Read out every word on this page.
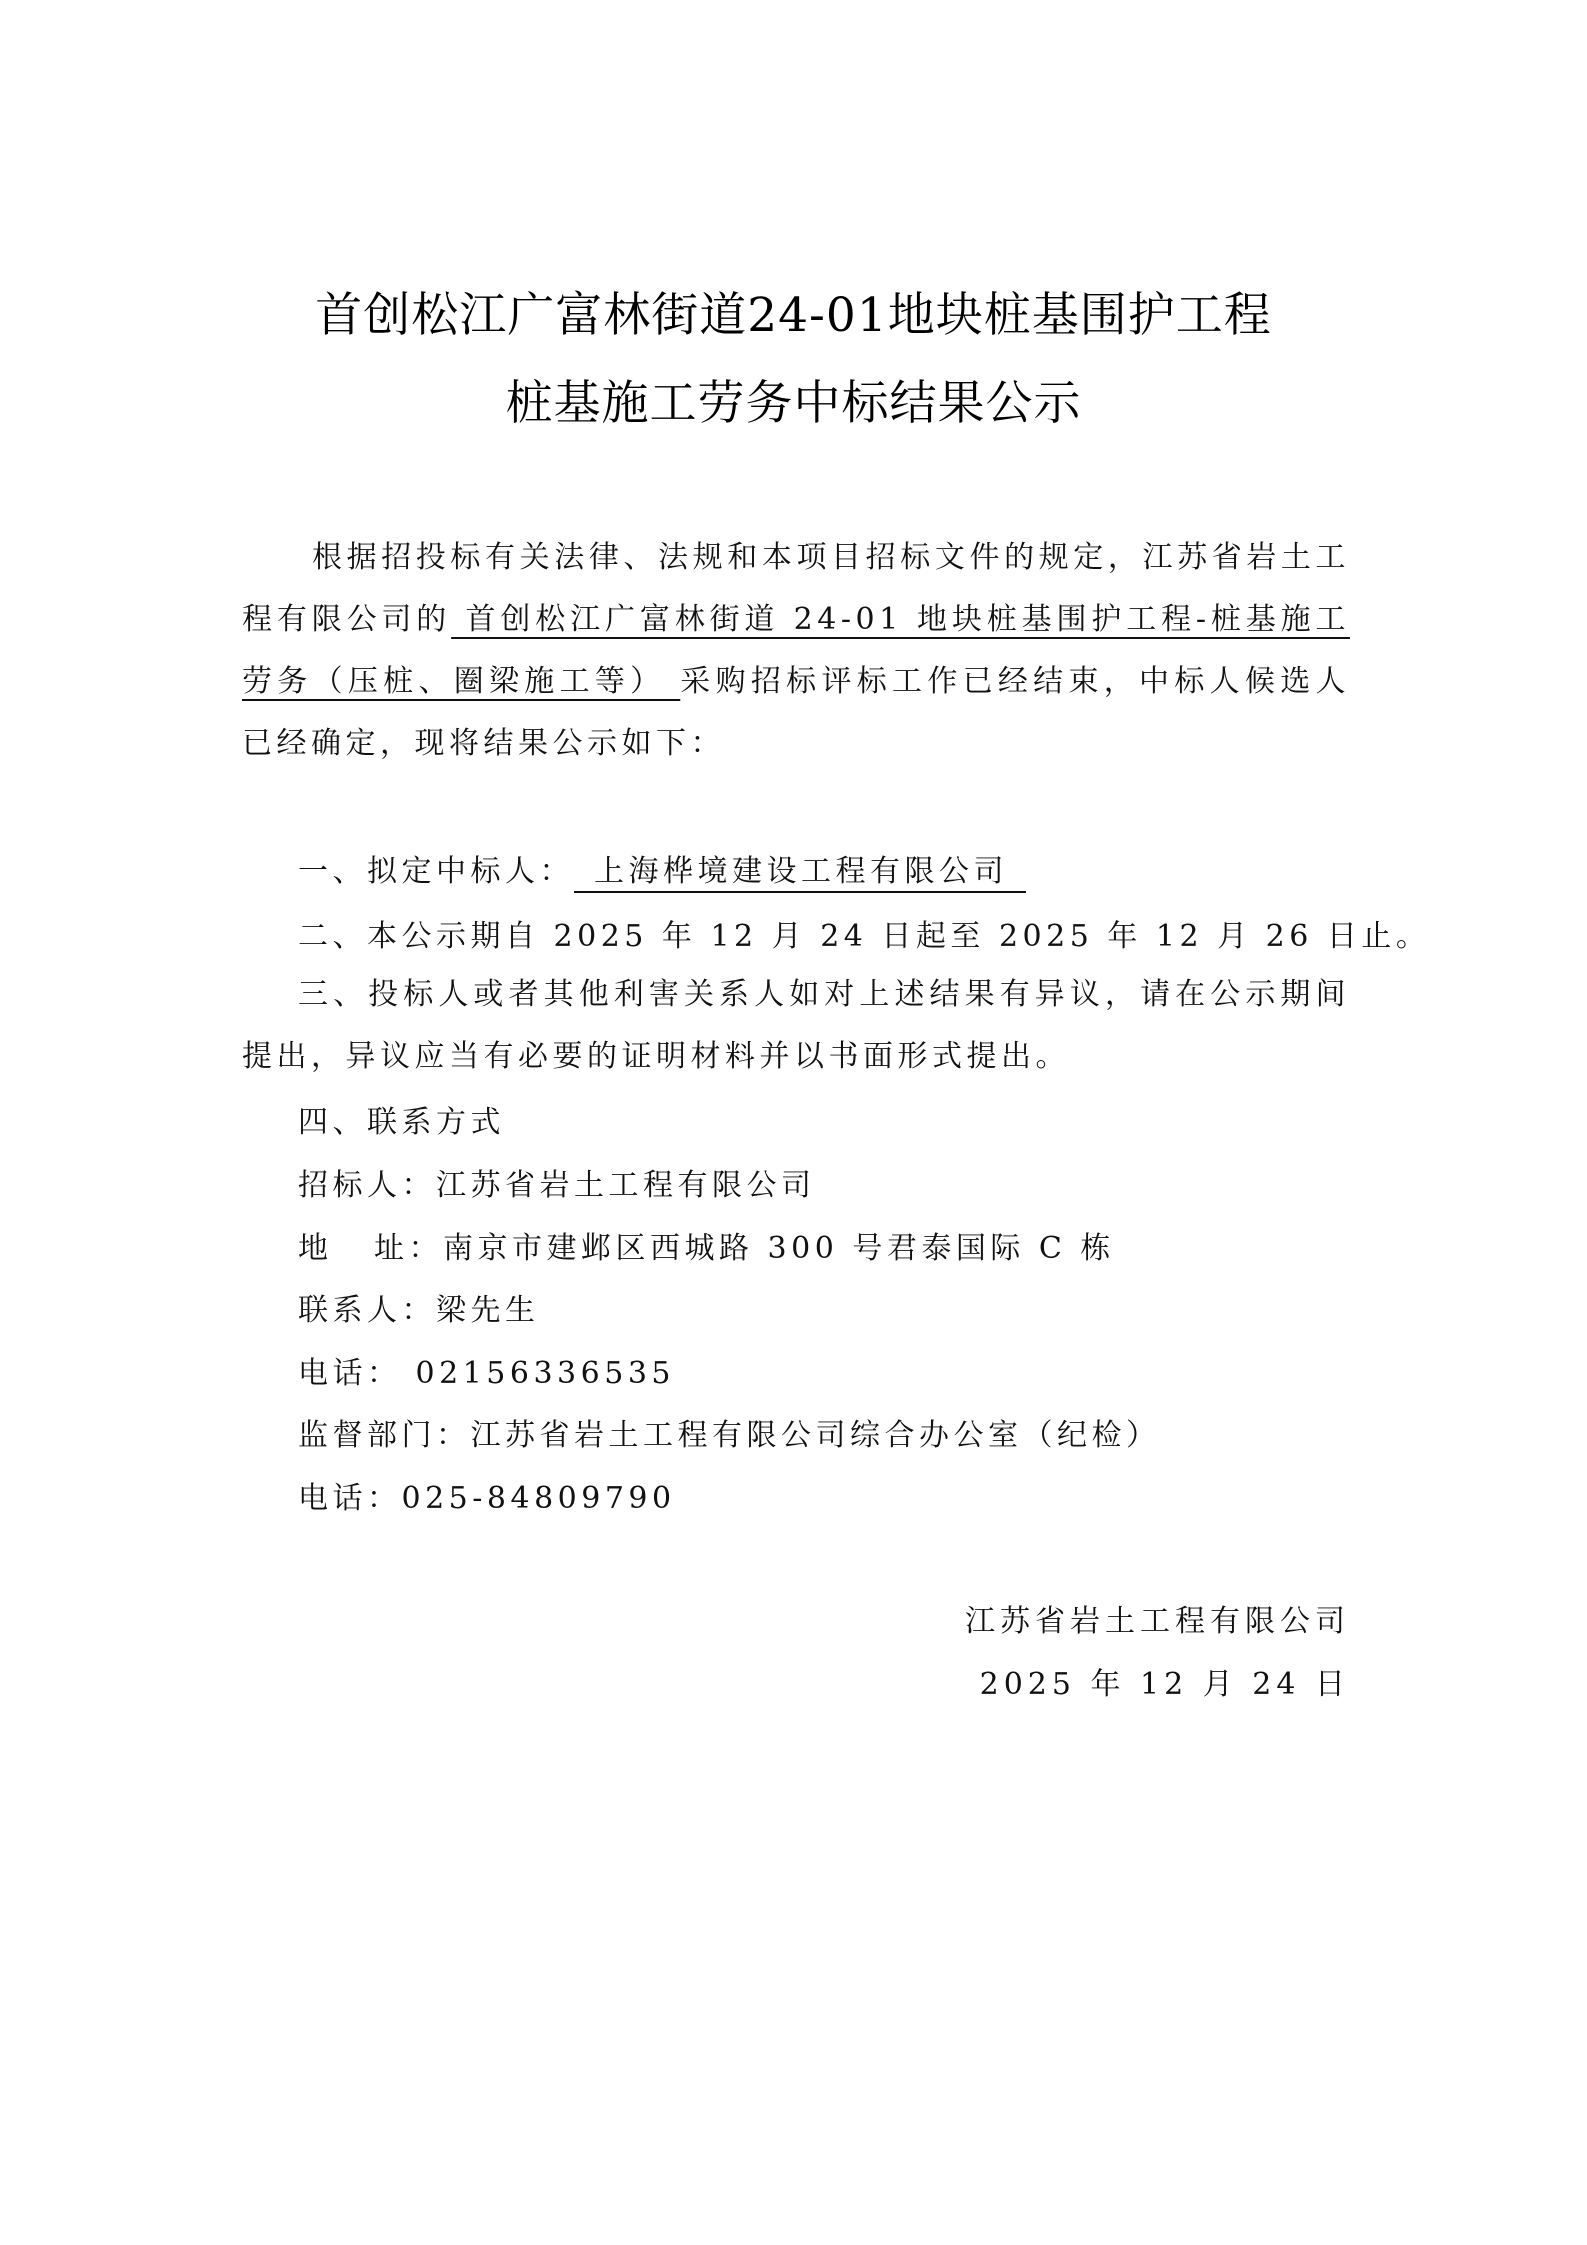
首创松江广富林街道24-01地块桩基围护工程
桩基施工劳务中标结果公示
根据招投标有关法律、法规和本项目招标文件的规定，江苏省岩土工程有限公司的 首创松江广富林街道 24-01 地块桩基围护工程-桩基施工劳务（压桩、圈梁施工等） 采购招标评标工作已经结束，中标人候选人已经确定，现将结果公示如下：
一、拟定中标人： 上海桦境建设工程有限公司
二、本公示期自 2025 年 12 月 24 日起至 2025 年 12 月 26 日止。
三、投标人或者其他利害关系人如对上述结果有异议，请在公示期间提出，异议应当有必要的证明材料并以书面形式提出。
四、联系方式
招标人：江苏省岩土工程有限公司
地 址：南京市建邺区西城路 300 号君泰国际 C 栋
联系人：梁先生
电话： 02156336535
监督部门：江苏省岩土工程有限公司综合办公室（纪检）
电话：025-84809790
江苏省岩土工程有限公司
2025 年 12 月 24 日
